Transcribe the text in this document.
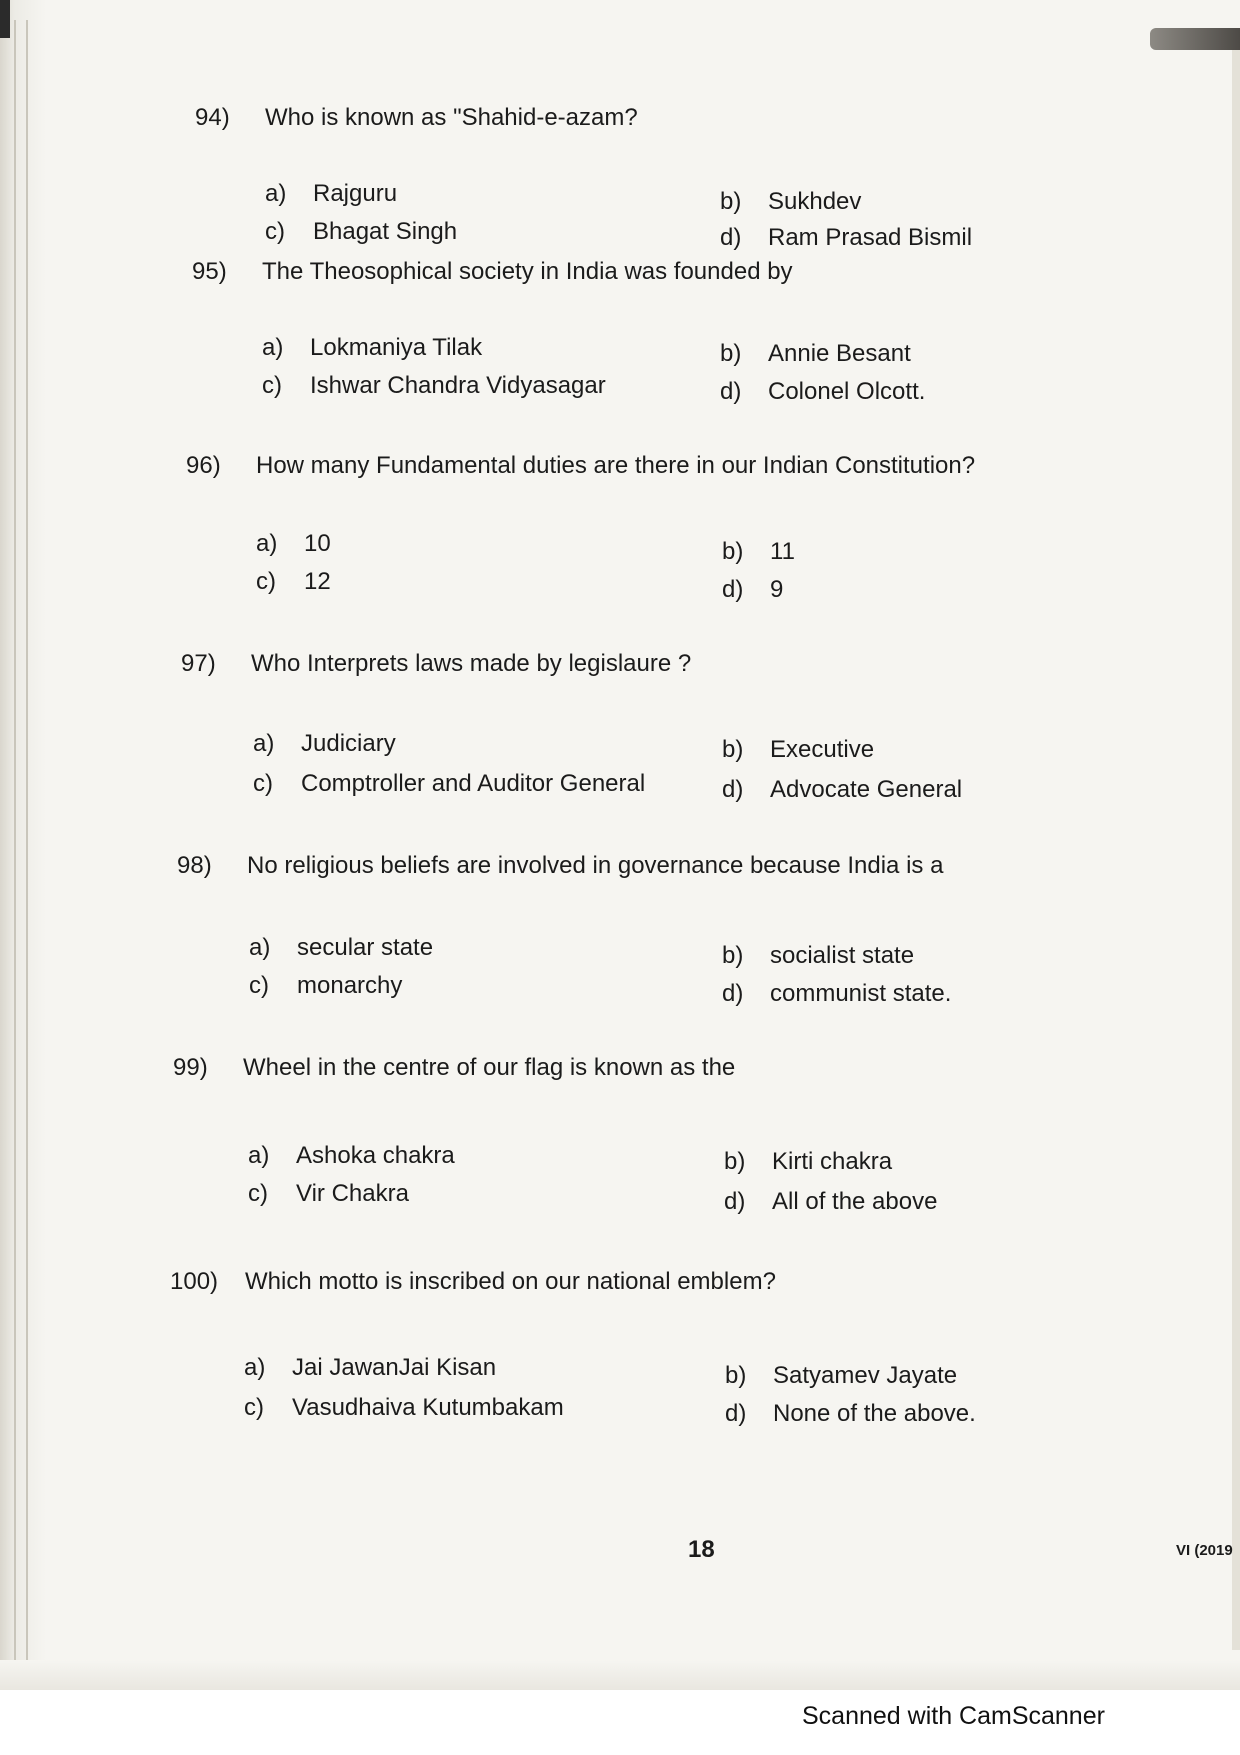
94) Who is known as "Shahid-e-azam?
a) Rajguru	b) Sukhdev
c) Bhagat Singh	d) Ram Prasad Bismil
95) The Theosophical society in India was founded by
a) Lokmaniya Tilak	b) Annie Besant
c) Ishwar Chandra Vidyasagar	d) Colonel Olcott.
96) How many Fundamental duties are there in our Indian Constitution?
a) 10	b) 11
c) 12	d) 9
97) Who Interprets laws made by legislaure ?
a) Judiciary	b) Executive
c) Comptroller and Auditor General	d) Advocate General
98) No religious beliefs are involved in governance because India is a
a) secular state	b) socialist state
c) monarchy	d) communist state.
99) Wheel in the centre of our flag is known as the
a) Ashoka chakra	b) Kirti chakra
c) Vir Chakra	d) All of the above
100) Which motto is inscribed on our national emblem?
a) Jai JawanJai Kisan	b) Satyamev Jayate
c) Vasudhaiva Kutumbakam	d) None of the above.
18	VI (2019
Scanned with CamScanner
